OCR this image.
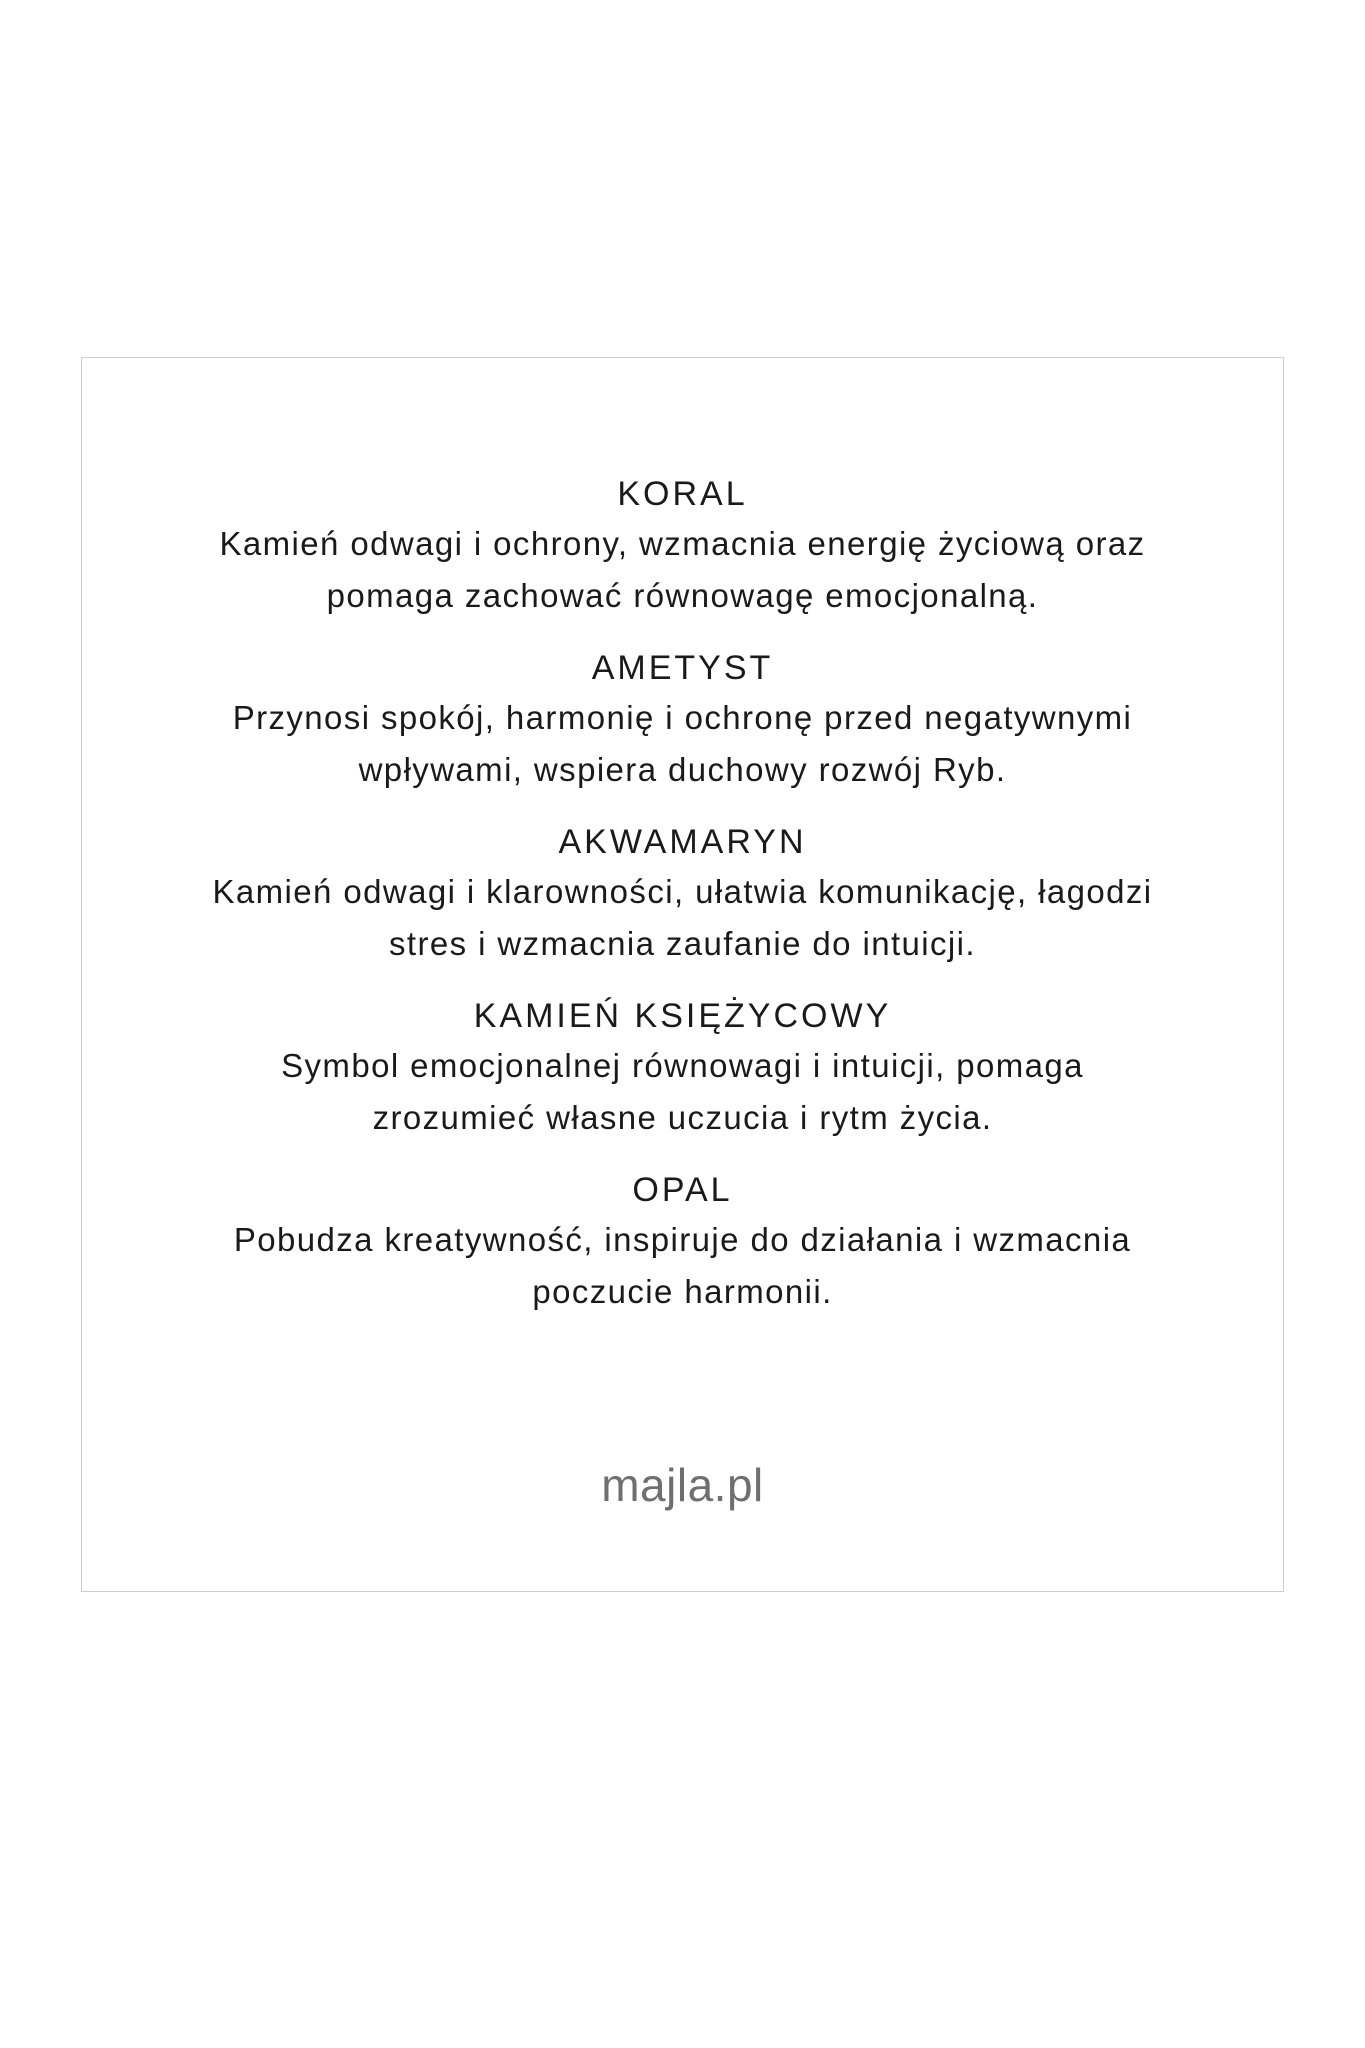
KORAL
Kamień odwagi i ochrony, wzmacnia energię życiową oraz
pomaga zachować równowagę emocjonalną.
AMETYST
Przynosi spokój, harmonię i ochronę przed negatywnymi
wpływami, wspiera duchowy rozwój Ryb.
AKWAMARYN
Kamień odwagi i klarowności, ułatwia komunikację, łagodzi
stres i wzmacnia zaufanie do intuicji.
KAMIEŃ KSIĘŻYCOWY
Symbol emocjonalnej równowagi i intuicji, pomaga
zrozumieć własne uczucia i rytm życia.
OPAL
Pobudza kreatywność, inspiruje do działania i wzmacnia
poczucie harmonii.
majla.pl
